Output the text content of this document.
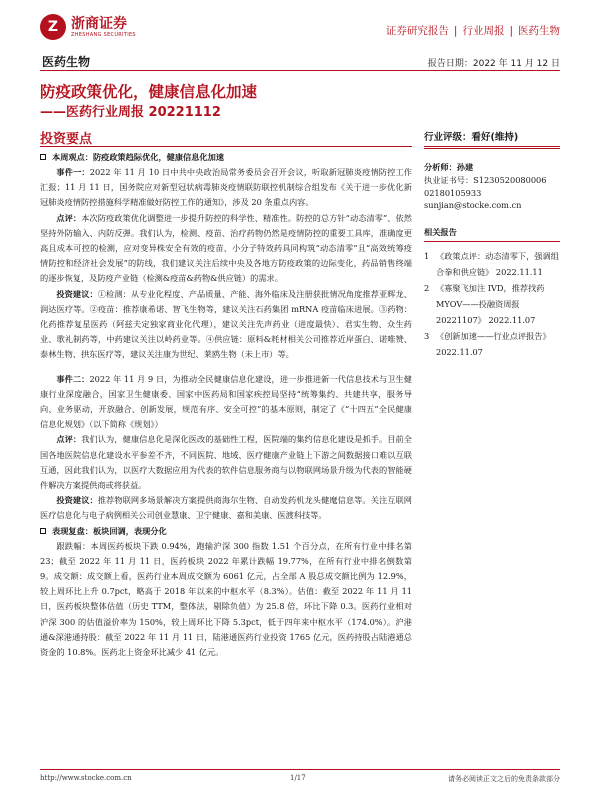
Z 浙商证券
ZHESHANG SECURITIES	证券研究报告 | 行业周报 | 医药生物
医药生物	报告日期：2022 年 11 月 12 日
防疫政策优化，健康信息化加速
——医药行业周报 20221112
投资要点
本周观点：防疫政策趋际优化，健康信息化加速

事件一：2022 年 11 月 10 日中共中央政治局常务委员会召开会议，听取新冠肺炎疫情防控工作汇报；11 月 11 日，国务院应对新型冠状病毒肺炎疫情联防联控机制综合组发布《关于进一步优化新冠肺炎疫情防控措施科学精准做好防控工作的通知》，涉及 20 条重点内容。

点评：本次防疫政策优化调整进一步提升防控的科学性、精准性。防控的总方针“动态清零”、依然坚持外防输入、内防反弹。我们认为，检测、疫苗、治疗药物仍然是疫情防控的重要工具库，准确度更高且成本可控的检测，应对变异株安全有效的疫苗、小分子特效药具同构筑“动态清零”且“高效统筹疫情防控和经济社会发展”的防线，我们建议关注后续中央及各地方防疫政策的边际变化，药品销售终端的逐步恢复，及防疫产业链（检测&疫苗&药物&供应链）的需求。

投资建议：①检测：从专业化程度、产品质量、产能、海外临床及注册获批情况角度推荐亚辉龙、润达医疗等。②疫苗：推荐康希诺、智飞生物等，建议关注石药集团 mRNA 疫苗临床进展。③药物：化药推荐复星医药（阿兹夫定独家商业化代理），建议关注先声药业（进度最快）、君实生物、众生药业、歌礼制药等，中药建议关注以岭药业等。④供应链：原料&耗材相关公司推荐近岸蛋白、诺唯赞、泰林生物、拱东医疗等，建议关注康为世纪、莱鸥生物（未上市）等。

事件二：2022 年 11 月 9 日，为推动全民健康信息化建设，进一步推进新一代信息技术与卫生健康行业深度融合，国家卫生健康委、国家中医药局和国家疾控局坚持“统筹集约、共建共享，服务导向、业务驱动，开放融合、创新发展，规范有序、安全可控”的基本原则，制定了《“十四五”全民健康信息化规划》（以下简称《规划》）

点评：我们认为，健康信息化是深化医改的基础性工程，医院端的集约信息化建设是抓手。目前全国各地医院信息化建设水平参差不齐，不同医院、地域、医疗健康产业链上下游之间数据接口难以互联互通，因此我们认为，以医疗大数据应用为代表的软件信息服务商与以物联网场景升级为代表的智能硬件解决方案提供商或将获益。

投资建议：推荐物联网多场景解决方案提供商海尔生物、自动发药机龙头健麾信息等。关注互联网医疗信息化与电子病例相关公司创业慧康、卫宁健康、嘉和美康、医渡科技等。

表现复盘：板块回调，表现分化

跟跌幅：本周医药板块下跌 0.94%，跑输沪深 300 指数 1.51 个百分点，在所有行业中排名第 23；截至 2022 年 11 月 11 日，医药板块 2022 年累计跌幅 19.77%，在所有行业中排名倒数第 9。成交额：成交额上看，医药行业本周成交额为 6061 亿元，占全部 A 股总成交额比例为 12.9%，较上周环比上升 0.7pct，略高于 2018 年以来的中枢水平（8.3%）。估值：截至 2022 年 11 月 11 日，医药板块整体估值（历史 TTM，整体法，剔除负值）为 25.8 倍，环比下降 0.3。医药行业相对沪深 300 的估值溢价率为 150%，较上周环比下降 5.3pct，低于四年来中枢水平（174.0%）。沪港通&深港通持股：截至 2022 年 11 月 11 日，陆港通医药行业投资 1765 亿元，医药持股占陆港通总资金的 10.8%。医药北上资金环比减少 41 亿元。

行业评级：看好(维持)
分析师：孙建
执业证书号：S1230520080006
02180105933
sunjian@stocke.com.cn
相关报告
1 《政策点评：动态清零下，强调组合拳和供应链》 2022.11.11
2 《寡聚飞加注 IVD，推荐找药 MYOV——投融资周报 20221107》 2022.11.07
3 《创新加速——行业点评报告》 2022.11.07
http://www.stocke.com.cn	1/17	请务必阅读正文之后的免责条款部分
